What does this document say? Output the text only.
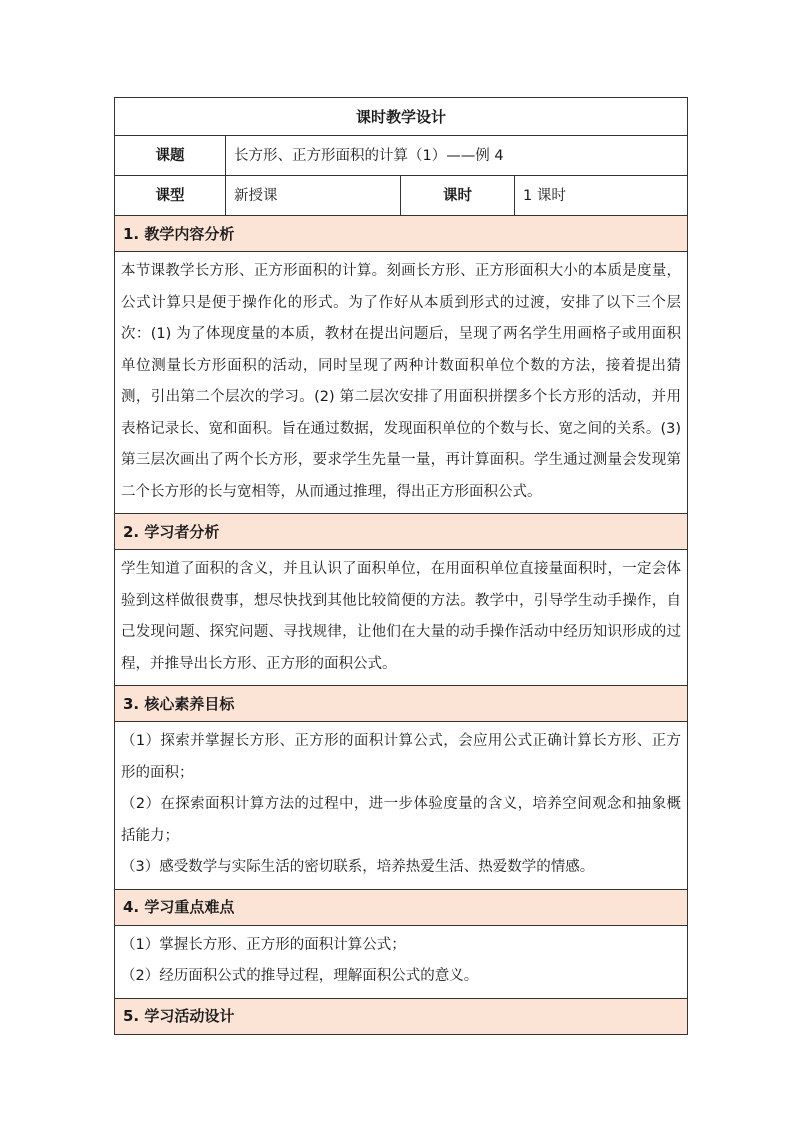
课时教学设计			
课题	长方形、正方形面积的计算（1）——例 4		
课型	新授课	课时	1 课时
1. 教学内容分析			

本节课教学长方形、正方形面积的计算。刻画长方形、正方形面积大小的本质是度量，公式计算只是便于操作化的形式。为了作好从本质到形式的过渡，安排了以下三个层次：(1) 为了体现度量的本质，教材在提出问题后，呈现了两名学生用画格子或用面积单位测量长方形面积的活动，同时呈现了两种计数面积单位个数的方法，接着提出猜测，引出第二个层次的学习。(2) 第二层次安排了用面积拼摆多个长方形的活动，并用表格记录长、宽和面积。旨在通过数据，发现面积单位的个数与长、宽之间的关系。(3) 第三层次画出了两个长方形，要求学生先量一量，再计算面积。学生通过测量会发现第二个长方形的长与宽相等，从而通过推理，得出正方形面积公式。			

2. 学习者分析			

学生知道了面积的含义，并且认识了面积单位，在用面积单位直接量面积时，一定会体验到这样做很费事，想尽快找到其他比较简便的方法。教学中，引导学生动手操作，自己发现问题、探究问题、寻找规律，让他们在大量的动手操作活动中经历知识形成的过程，并推导出长方形、正方形的面积公式。			

3. 核心素养目标			

（1）探索并掌握长方形、正方形的面积计算公式，会应用公式正确计算长方形、正方形的面积；

（2）在探索面积计算方法的过程中，进一步体验度量的含义，培养空间观念和抽象概括能力；

（3）感受数学与实际生活的密切联系，培养热爱生活、热爱数学的情感。			

4. 学习重点难点			

（1）掌握长方形、正方形的面积计算公式；

（2）经历面积公式的推导过程，理解面积公式的意义。			

5. 学习活动设计			
